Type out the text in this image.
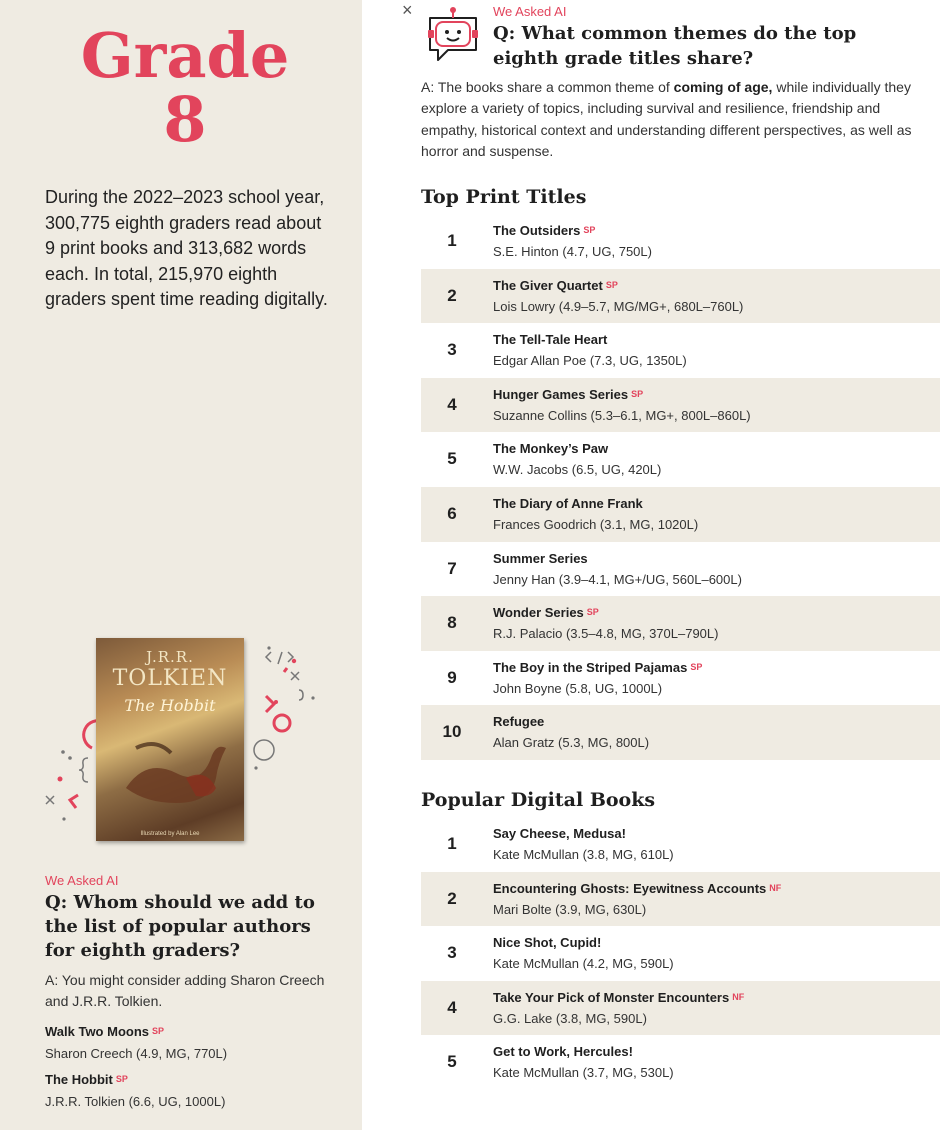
Grade
8

During the 2022–2023 school year, 300,775 eighth graders read about 9 print books and 313,682 words each. In total, 215,970 eighth graders spent time reading digitally.

J.R.R.
TOLKIEN
The Hobbit
Illustrated by Alan Lee
We Asked AI
Q: Whom should we add to the list of popular authors for eighth graders?

A: You might consider adding Sharon Creech and J.R.R. Tolkien.

Walk Two Moons SP
Sharon Creech (4.9, MG, 770L)
The Hobbit SP
J.R.R. Tolkien (6.6, UG, 1000L)
×	We Asked AI
Q: What common themes do the top eighth grade titles share?

A: The books share a common theme of coming of age, while individually they explore a variety of topics, including survival and resilience, friendship and empathy, historical context and understanding different perspectives, as well as horror and suspense.

Top Print Titles
1
The Outsiders SP
S.E. Hinton (4.7, UG, 750L)
2
The Giver Quartet SP
Lois Lowry (4.9–5.7, MG/MG+, 680L–760L)
3
The Tell-Tale Heart
Edgar Allan Poe (7.3, UG, 1350L)
4
Hunger Games Series SP
Suzanne Collins (5.3–6.1, MG+, 800L–860L)
5
The Monkey’s Paw
W.W. Jacobs (6.5, UG, 420L)
6
The Diary of Anne Frank
Frances Goodrich (3.1, MG, 1020L)
7
Summer Series
Jenny Han (3.9–4.1, MG+/UG, 560L–600L)
8
Wonder Series SP
R.J. Palacio (3.5–4.8, MG, 370L–790L)
9
The Boy in the Striped Pajamas SP
John Boyne (5.8, UG, 1000L)
10
Refugee
Alan Gratz (5.3, MG, 800L)
Popular Digital Books
1
Say Cheese, Medusa!
Kate McMullan (3.8, MG, 610L)
2
Encountering Ghosts: Eyewitness Accounts NF
Mari Bolte (3.9, MG, 630L)
3
Nice Shot, Cupid!
Kate McMullan (4.2, MG, 590L)
4
Take Your Pick of Monster Encounters NF
G.G. Lake (3.8, MG, 590L)
5
Get to Work, Hercules!
Kate McMullan (3.7, MG, 530L)
